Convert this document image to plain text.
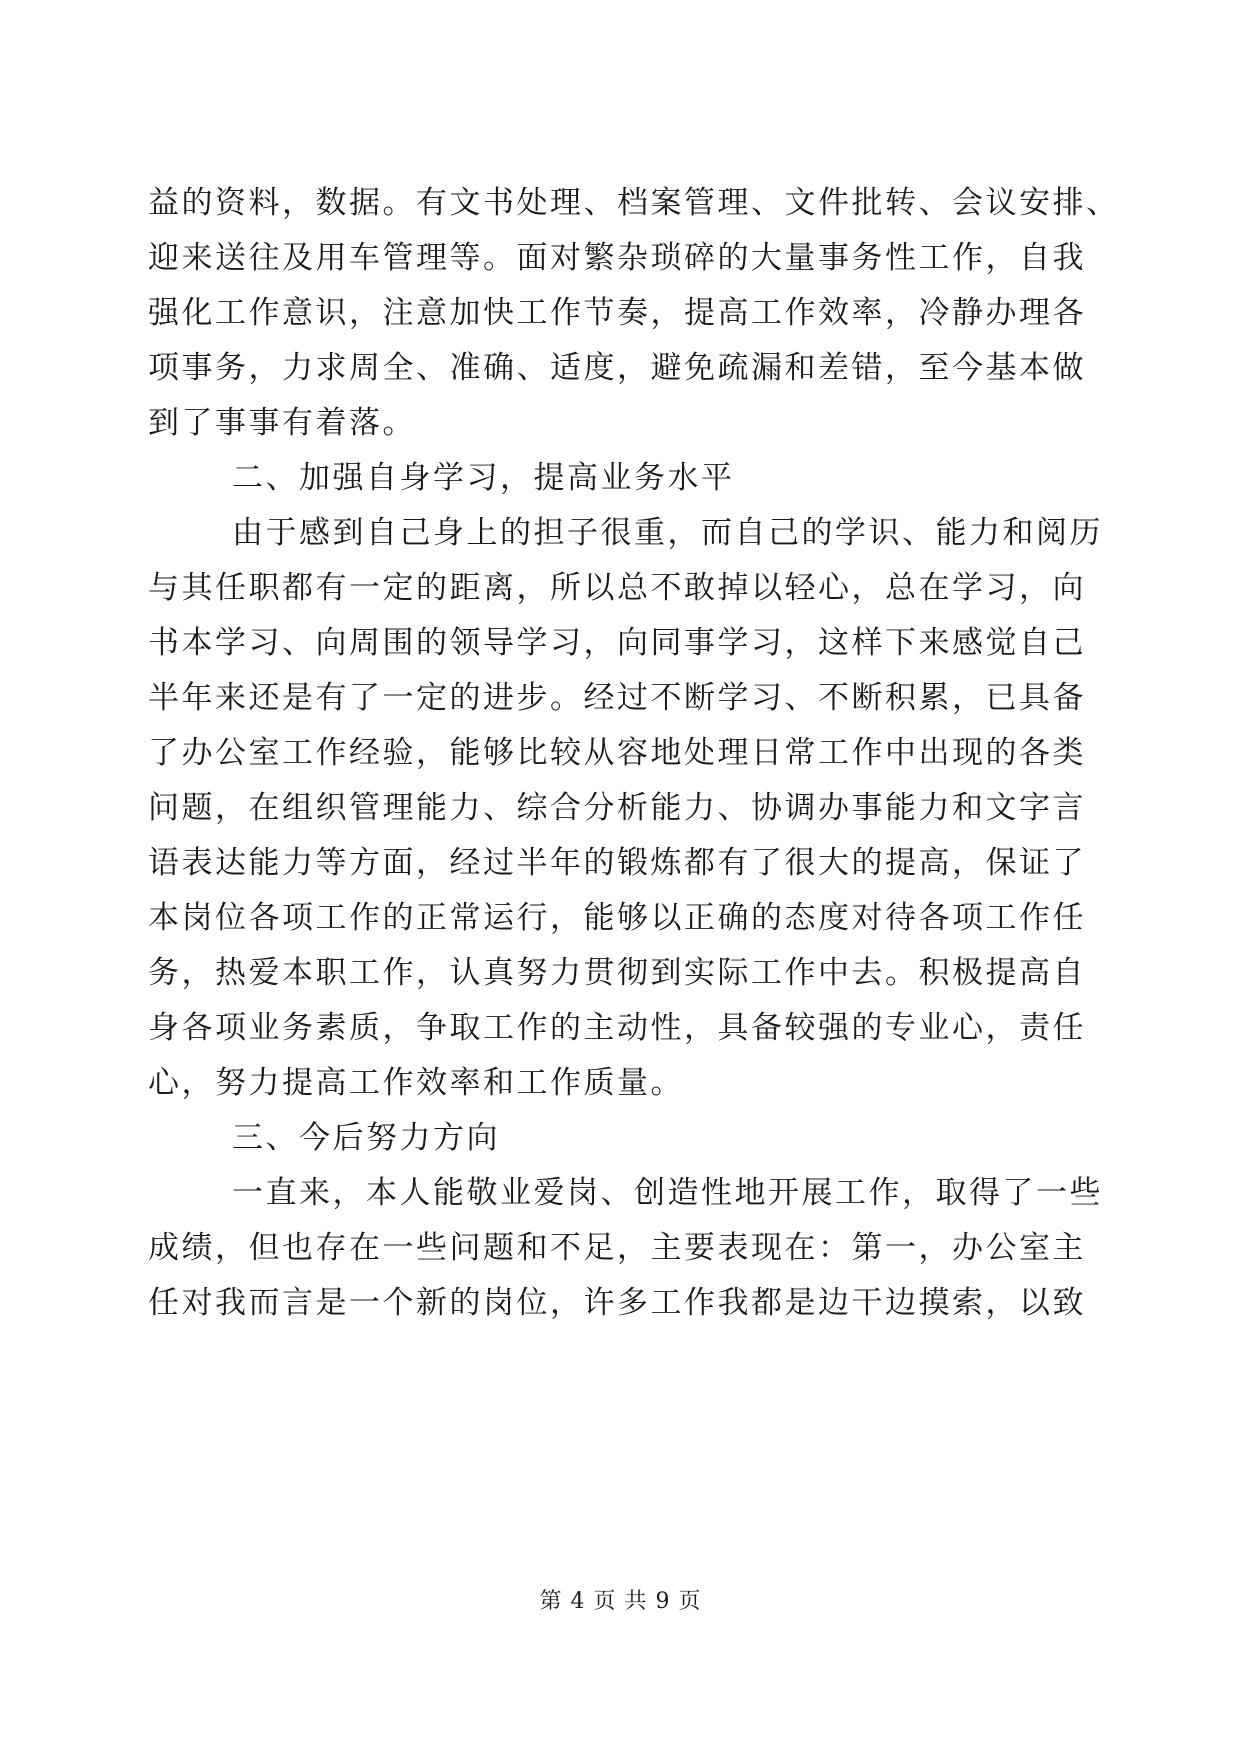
益的资料，数据。有文书处理、档案管理、文件批转、会议安排、
迎来送往及用车管理等。面对繁杂琐碎的大量事务性工作，自我
强化工作意识，注意加快工作节奏，提高工作效率，冷静办理各
项事务，力求周全、准确、适度，避免疏漏和差错，至今基本做
到了事事有着落。
二、加强自身学习，提高业务水平
由于感到自己身上的担子很重，而自己的学识、能力和阅历
与其任职都有一定的距离，所以总不敢掉以轻心，总在学习，向
书本学习、向周围的领导学习，向同事学习，这样下来感觉自己
半年来还是有了一定的进步。经过不断学习、不断积累，已具备
了办公室工作经验，能够比较从容地处理日常工作中出现的各类
问题，在组织管理能力、综合分析能力、协调办事能力和文字言
语表达能力等方面，经过半年的锻炼都有了很大的提高，保证了
本岗位各项工作的正常运行，能够以正确的态度对待各项工作任
务，热爱本职工作，认真努力贯彻到实际工作中去。积极提高自
身各项业务素质，争取工作的主动性，具备较强的专业心，责任
心，努力提高工作效率和工作质量。
三、今后努力方向
一直来，本人能敬业爱岗、创造性地开展工作，取得了一些
成绩，但也存在一些问题和不足，主要表现在：第一，办公室主
任对我而言是一个新的岗位，许多工作我都是边干边摸索，以致
第 4 页 共 9 页
